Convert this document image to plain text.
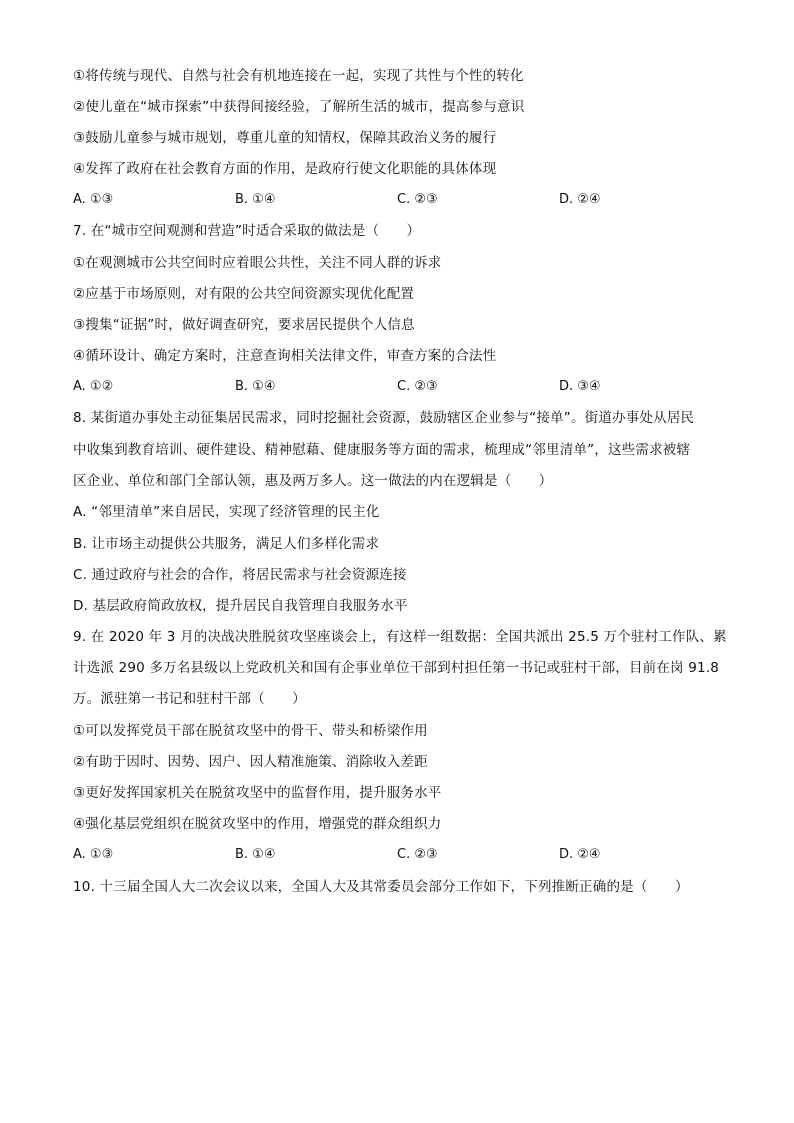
①将传统与现代、自然与社会有机地连接在一起，实现了共性与个性的转化
②使儿童在“城市探索”中获得间接经验，了解所生活的城市，提高参与意识
③鼓励儿童参与城市规划，尊重儿童的知情权，保障其政治义务的履行
④发挥了政府在社会教育方面的作用，是政府行使文化职能的具体体现
A. ①③	B. ①④	C. ②③	D. ②④
7. 在“城市空间观测和营造”时适合采取的做法是（　　）
①在观测城市公共空间时应着眼公共性，关注不同人群的诉求
②应基于市场原则，对有限的公共空间资源实现优化配置
③搜集“证据”时，做好调查研究，要求居民提供个人信息
④循环设计、确定方案时，注意查询相关法律文件，审查方案的合法性
A. ①②	B. ①④	C. ②③	D. ③④
8. 某街道办事处主动征集居民需求，同时挖掘社会资源，鼓励辖区企业参与“接单”。街道办事处从居民
中收集到教育培训、硬件建设、精神慰藉、健康服务等方面的需求，梳理成“邻里清单”，这些需求被辖
区企业、单位和部门全部认领，惠及两万多人。这一做法的内在逻辑是（　　）
A. “邻里清单”来自居民，实现了经济管理的民主化
B. 让市场主动提供公共服务，满足人们多样化需求
C. 通过政府与社会的合作，将居民需求与社会资源连接
D. 基层政府简政放权，提升居民自我管理自我服务水平
9. 在 2020 年 3 月的决战决胜脱贫攻坚座谈会上，有这样一组数据：全国共派出 25.5 万个驻村工作队、累
计选派 290 多万名县级以上党政机关和国有企事业单位干部到村担任第一书记或驻村干部，目前在岗 91.8
万。派驻第一书记和驻村干部（　　）
①可以发挥党员干部在脱贫攻坚中的骨干、带头和桥梁作用
②有助于因时、因势、因户、因人精准施策、消除收入差距
③更好发挥国家机关在脱贫攻坚中的监督作用，提升服务水平
④强化基层党组织在脱贫攻坚中的作用，增强党的群众组织力
A. ①③	B. ①④	C. ②③	D. ②④
10. 十三届全国人大二次会议以来，全国人大及其常委员会部分工作如下，下列推断正确的是（　　）
